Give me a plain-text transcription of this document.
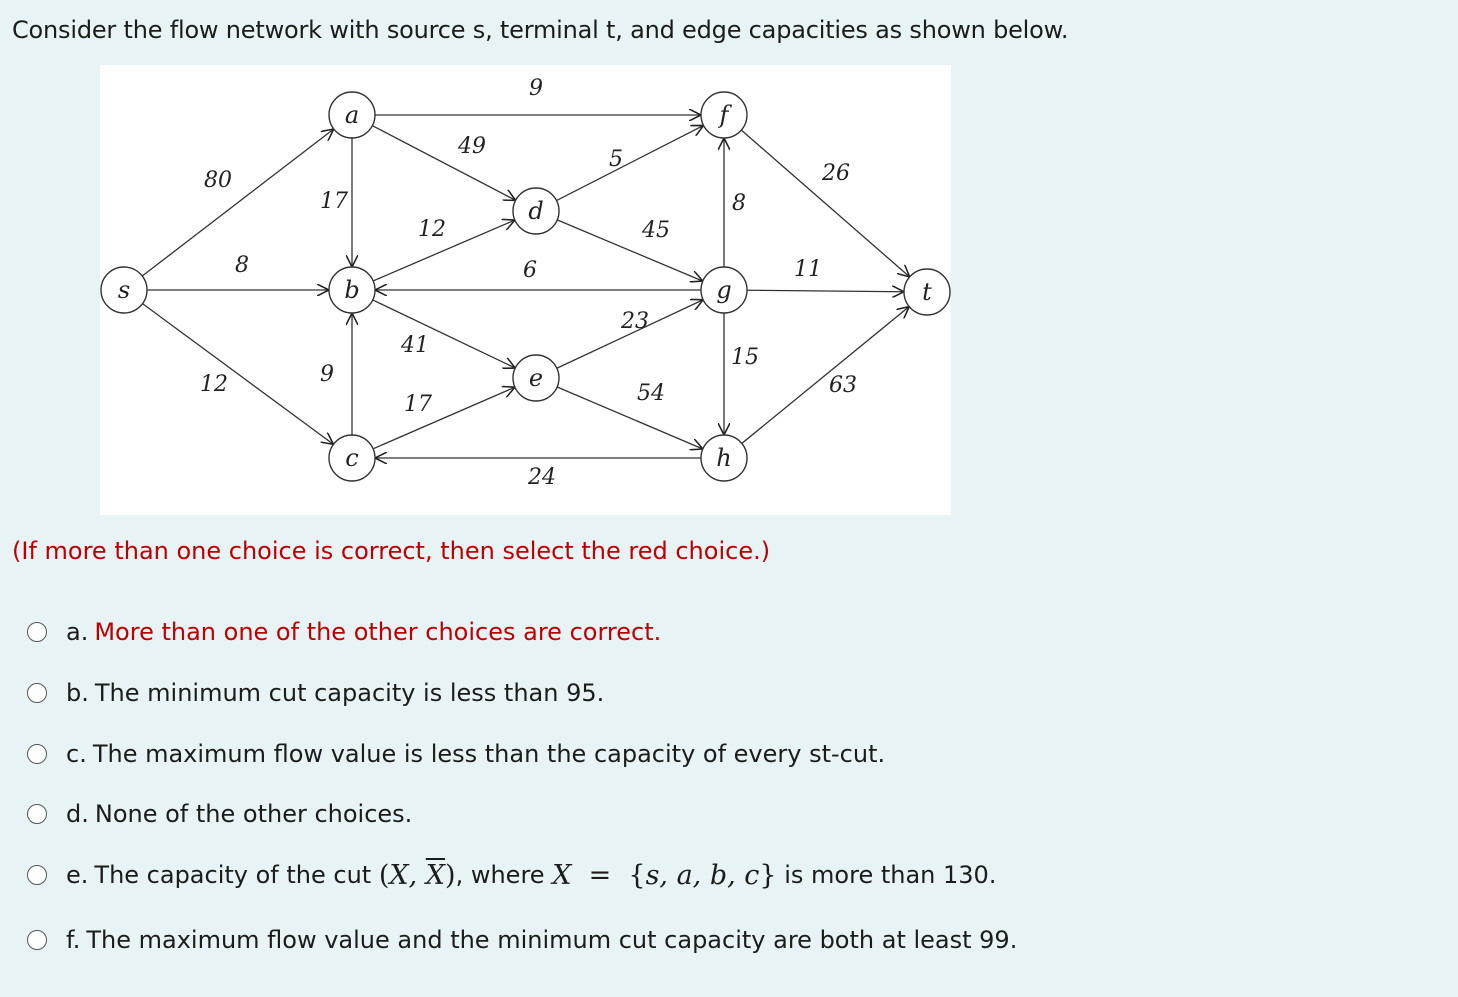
Consider the flow network with source s, terminal t, and edge capacities as shown below.
80
8
12
9
49
17
12
6
41
9
17
24
5
45
23
54
8
15
26
11
63
s
a
b
c
d
e
f
g
h
t
(If more than one choice is correct, then select the red choice.)
a. More than one of the other choices are correct.
b. The minimum cut capacity is less than 95.
c. The maximum flow value is less than the capacity of every st-cut.
d. None of the other choices.
e. The capacity of the cut
(X, $\overline{X}$) , where
X  = {s, a, b, c}
is more than 130.
f. The maximum flow value and the minimum cut capacity are both at least 99.
